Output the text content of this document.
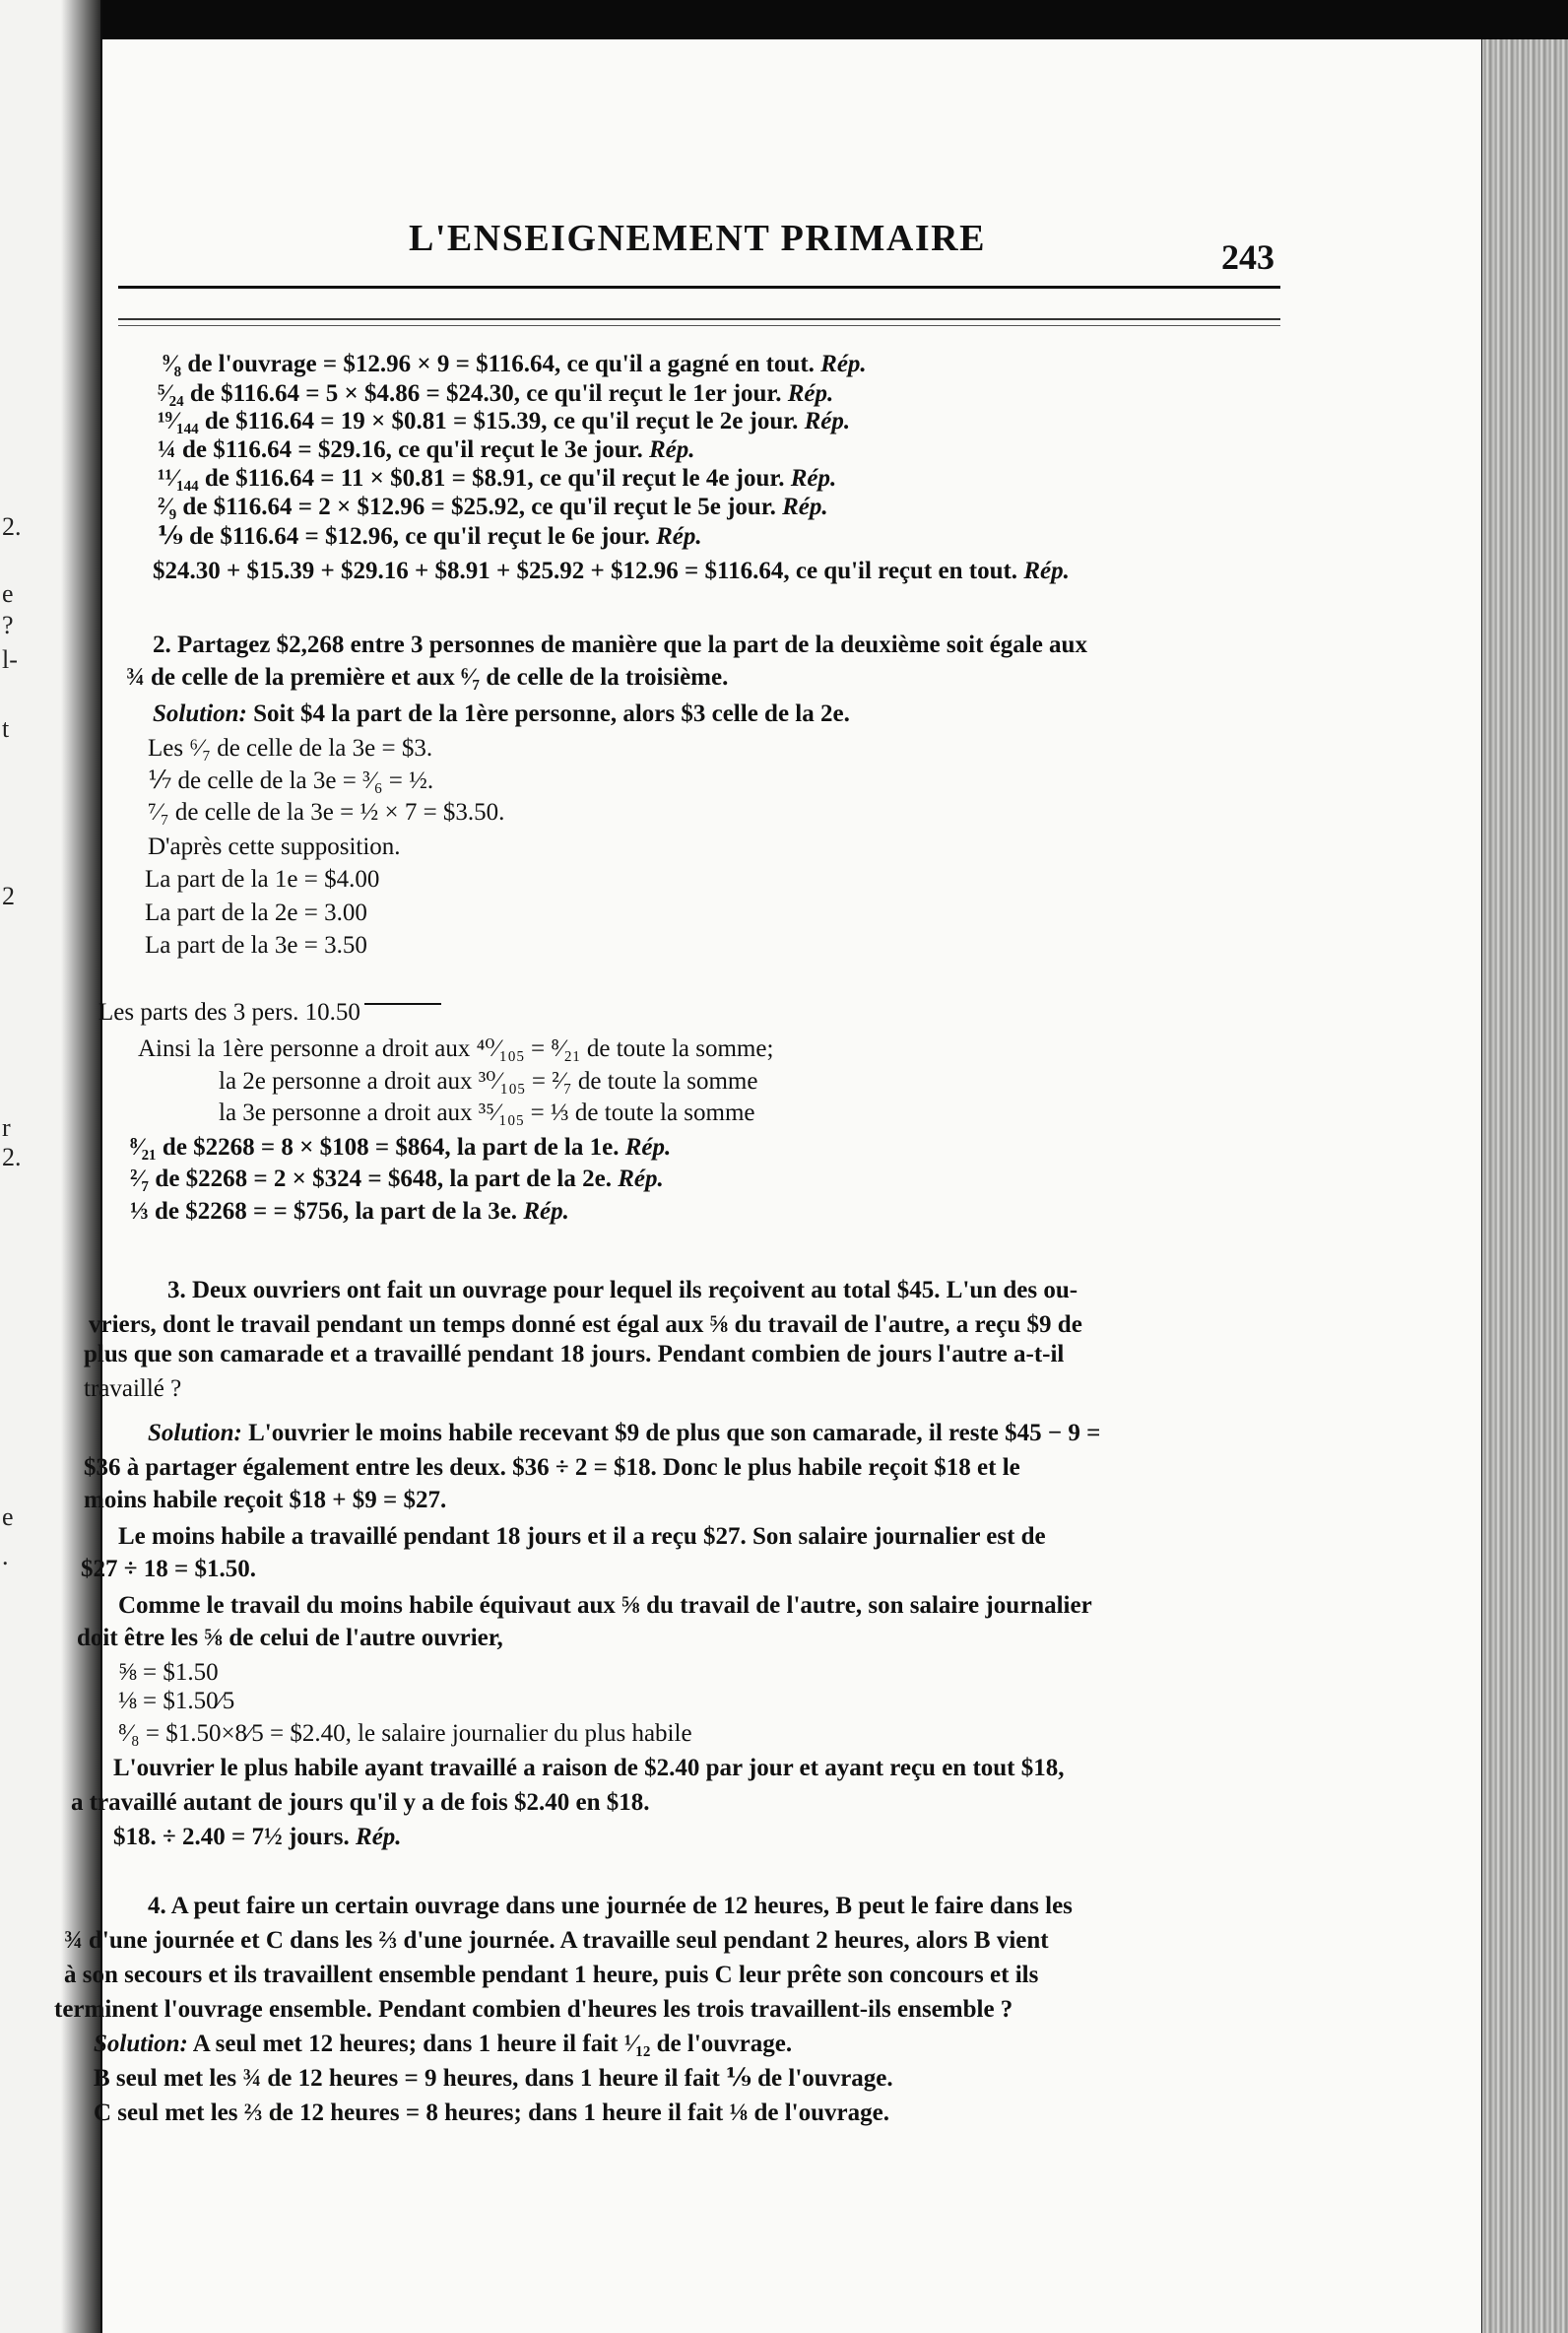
2.
e
?
l-
t
2
r
2.
e
.
L'ENSEIGNEMENT PRIMAIRE	243
⁹⁄₈ de l'ouvrage = $12.96 × 9 = $116.64, ce qu'il a gagné en tout. Rép.
⁵⁄₂₄ de $116.64 = 5 × $4.86 = $24.30, ce qu'il reçut le 1er jour. Rép.
¹⁹⁄₁₄₄ de $116.64 = 19 × $0.81 = $15.39, ce qu'il reçut le 2e jour. Rép.
¼ de $116.64 = $29.16, ce qu'il reçut le 3e jour. Rép.
¹¹⁄₁₄₄ de $116.64 = 11 × $0.81 = $8.91, ce qu'il reçut le 4e jour. Rép.
²⁄₉ de $116.64 = 2 × $12.96 = $25.92, ce qu'il reçut le 5e jour. Rép.
⅑ de $116.64 = $12.96, ce qu'il reçut le 6e jour. Rép.
$24.30 + $15.39 + $29.16 + $8.91 + $25.92 + $12.96 = $116.64, ce qu'il reçut en tout. Rép.
2. Partagez $2,268 entre 3 personnes de manière que la part de la deuxième soit égale aux
¾ de celle de la première et aux ⁶⁄₇ de celle de la troisième.
Solution: Soit $4 la part de la 1ère personne, alors $3 celle de la 2e.
Les ⁶⁄₇ de celle de la 3e = $3.
⅐ de celle de la 3e = ³⁄₆ = ½.
⁷⁄₇ de celle de la 3e = ½ × 7 = $3.50.
D'après cette supposition.
La part de la 1e = $4.00
La part de la 2e = 3.00
La part de la 3e = 3.50
Les parts des 3 pers. 10.50
Ainsi la 1ère personne a droit aux ⁴⁰⁄₁₀₅ = ⁸⁄₂₁ de toute la somme;
la 2e personne a droit aux ³⁰⁄₁₀₅ = ²⁄₇ de toute la somme
la 3e personne a droit aux ³⁵⁄₁₀₅ = ⅓ de toute la somme
⁸⁄₂₁ de $2268 = 8 × $108 = $864, la part de la 1e. Rép.
²⁄₇ de $2268 = 2 × $324 = $648, la part de la 2e. Rép.
⅓ de $2268 = = $756, la part de la 3e. Rép.
3. Deux ouvriers ont fait un ouvrage pour lequel ils reçoivent au total $45. L'un des ou-
vriers, dont le travail pendant un temps donné est égal aux ⅝ du travail de l'autre, a reçu $9 de
plus que son camarade et a travaillé pendant 18 jours. Pendant combien de jours l'autre a-t-il
travaillé ?
Solution: L'ouvrier le moins habile recevant $9 de plus que son camarade, il reste $45 − 9 =
$36 à partager également entre les deux. $36 ÷ 2 = $18. Donc le plus habile reçoit $18 et le
moins habile reçoit $18 + $9 = $27.
Le moins habile a travaillé pendant 18 jours et il a reçu $27. Son salaire journalier est de
$27 ÷ 18 = $1.50.
Comme le travail du moins habile équivaut aux ⅝ du travail de l'autre, son salaire journalier
doit être les ⅝ de celui de l'autre ouvrier,
⅝ = $1.50
⅛ = $1.50⁄5
⁸⁄₈ = $1.50×8⁄5 = $2.40, le salaire journalier du plus habile
L'ouvrier le plus habile ayant travaillé a raison de $2.40 par jour et ayant reçu en tout $18,
a travaillé autant de jours qu'il y a de fois $2.40 en $18.
$18. ÷ 2.40 = 7½ jours. Rép.
4. A peut faire un certain ouvrage dans une journée de 12 heures, B peut le faire dans les
¾ d'une journée et C dans les ⅔ d'une journée. A travaille seul pendant 2 heures, alors B vient
à son secours et ils travaillent ensemble pendant 1 heure, puis C leur prête son concours et ils
terminent l'ouvrage ensemble. Pendant combien d'heures les trois travaillent-ils ensemble ?
Solution: A seul met 12 heures; dans 1 heure il fait ¹⁄₁₂ de l'ouvrage.
B seul met les ¾ de 12 heures = 9 heures, dans 1 heure il fait ⅑ de l'ouvrage.
C seul met les ⅔ de 12 heures = 8 heures; dans 1 heure il fait ⅛ de l'ouvrage.
